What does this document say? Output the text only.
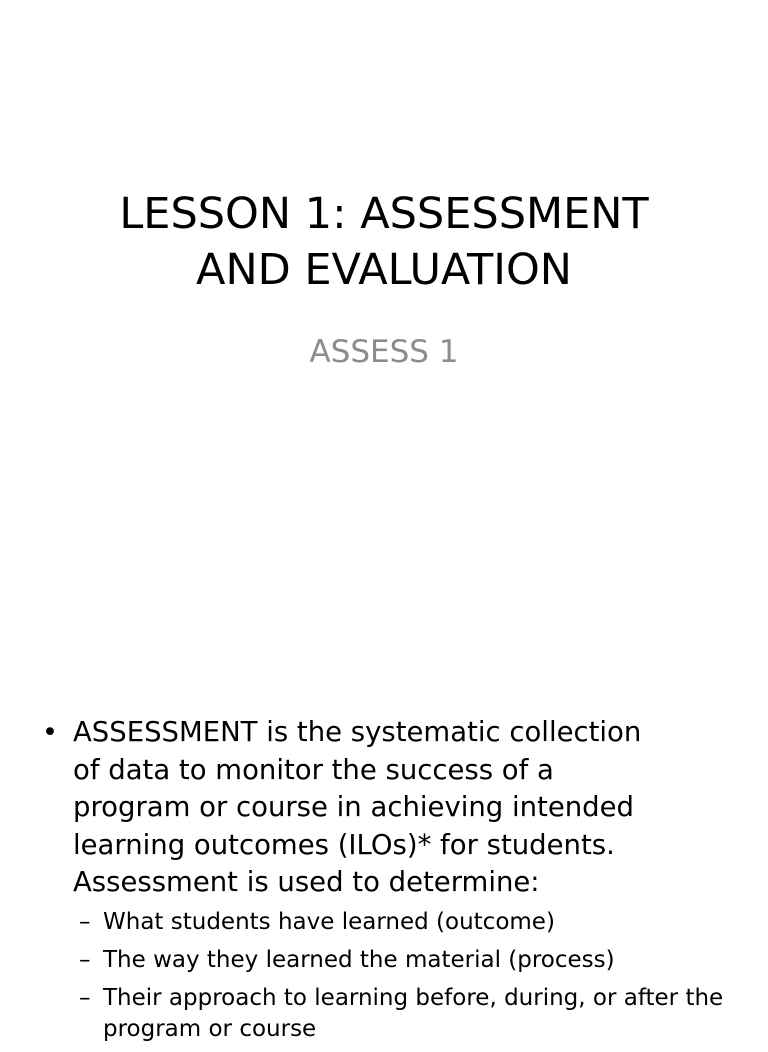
LESSON 1: ASSESSMENT
AND EVALUATION

ASSESS 1

• ASSESSMENT is the systematic collection
of data to monitor the success of a
program or course in achieving intended
learning outcomes (ILOs)* for students.
Assessment is used to determine:
– What students have learned (outcome)
– The way they learned the material (process)
– Their approach to learning before, during, or after the program or course
